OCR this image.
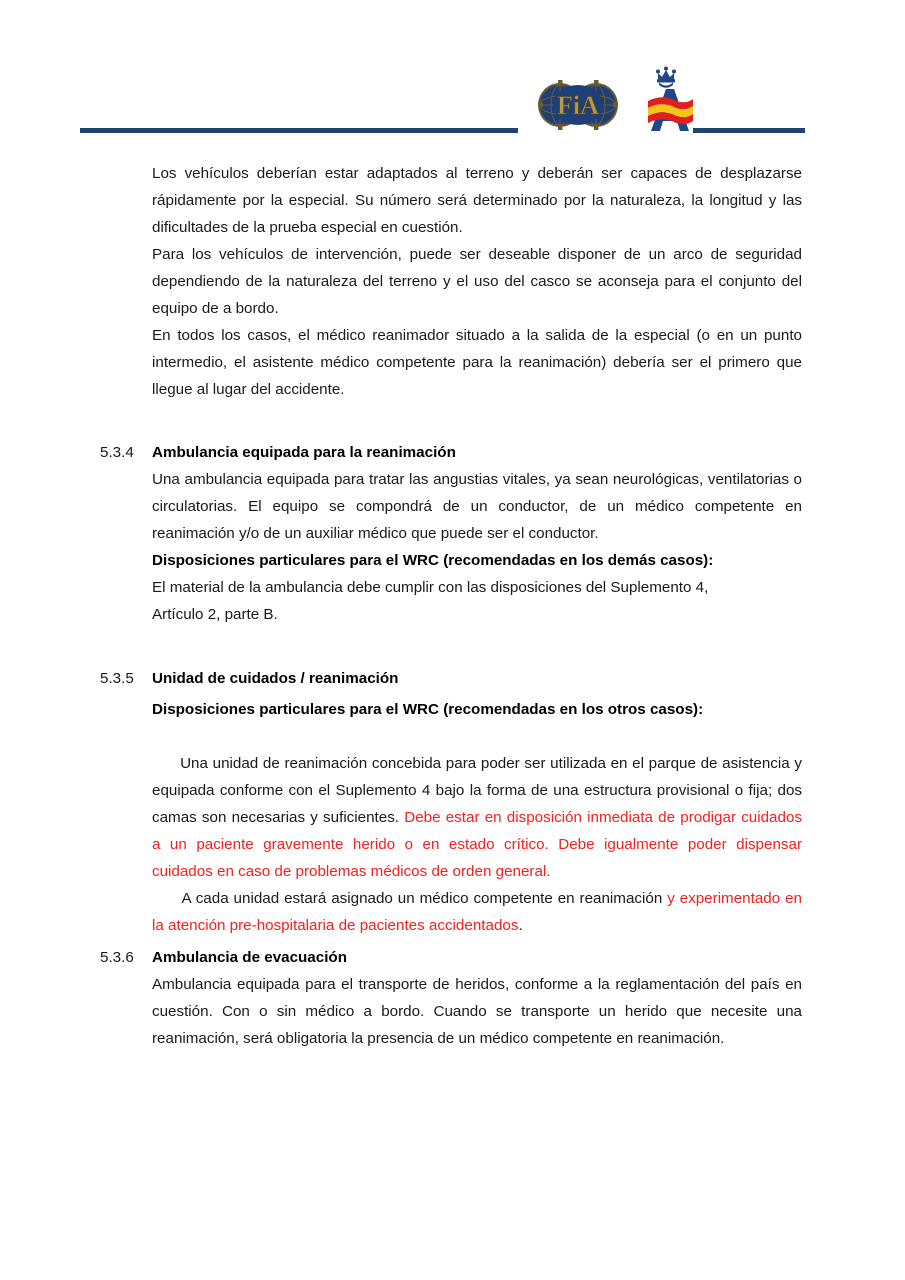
FiA
Los vehículos deberían estar adaptados al terreno y deberán ser capaces de desplazarse rápidamente por la especial. Su número será determinado por la naturaleza, la longitud y las dificultades de la prueba especial en cuestión.
Para los vehículos de intervención, puede ser deseable disponer de un arco de seguridad dependiendo de la naturaleza del terreno y el uso del casco se aconseja para el conjunto del equipo de a bordo.
En todos los casos, el médico reanimador situado a la salida de la especial (o en un punto intermedio, el asistente médico competente para la reanimación) debería ser el primero que llegue al lugar del accidente.
5.3.4 Ambulancia equipada para la reanimación
Una ambulancia equipada para tratar las angustias vitales, ya sean neurológicas, ventilatorias o circulatorias. El equipo se compondrá de un conductor, de un médico competente en reanimación y/o de un auxiliar médico que puede ser el conductor.
Disposiciones particulares para el WRC (recomendadas en los demás casos):
El material de la ambulancia debe cumplir con las disposiciones del Suplemento 4,
Artículo 2, parte B.
5.3.5 Unidad de cuidados / reanimación
Disposiciones particulares para el WRC (recomendadas en los otros casos):

Una unidad de reanimación concebida para poder ser utilizada en el parque de asistencia y equipada conforme con el Suplemento 4 bajo la forma de una estructura provisional o fija; dos camas son necesarias y suficientes. Debe estar en disposición inmediata de prodigar cuidados a un paciente gravemente herido o en estado crítico. Debe igualmente poder dispensar cuidados en caso de problemas médicos de orden general.

A cada unidad estará asignado un médico competente en reanimación y experimentado en la atención pre-hospitalaria de pacientes accidentados.

5.3.6 Ambulancia de evacuación
Ambulancia equipada para el transporte de heridos, conforme a la reglamentación del país en cuestión. Con o sin médico a bordo. Cuando se transporte un herido que necesite una reanimación, será obligatoria la presencia de un médico competente en reanimación.
